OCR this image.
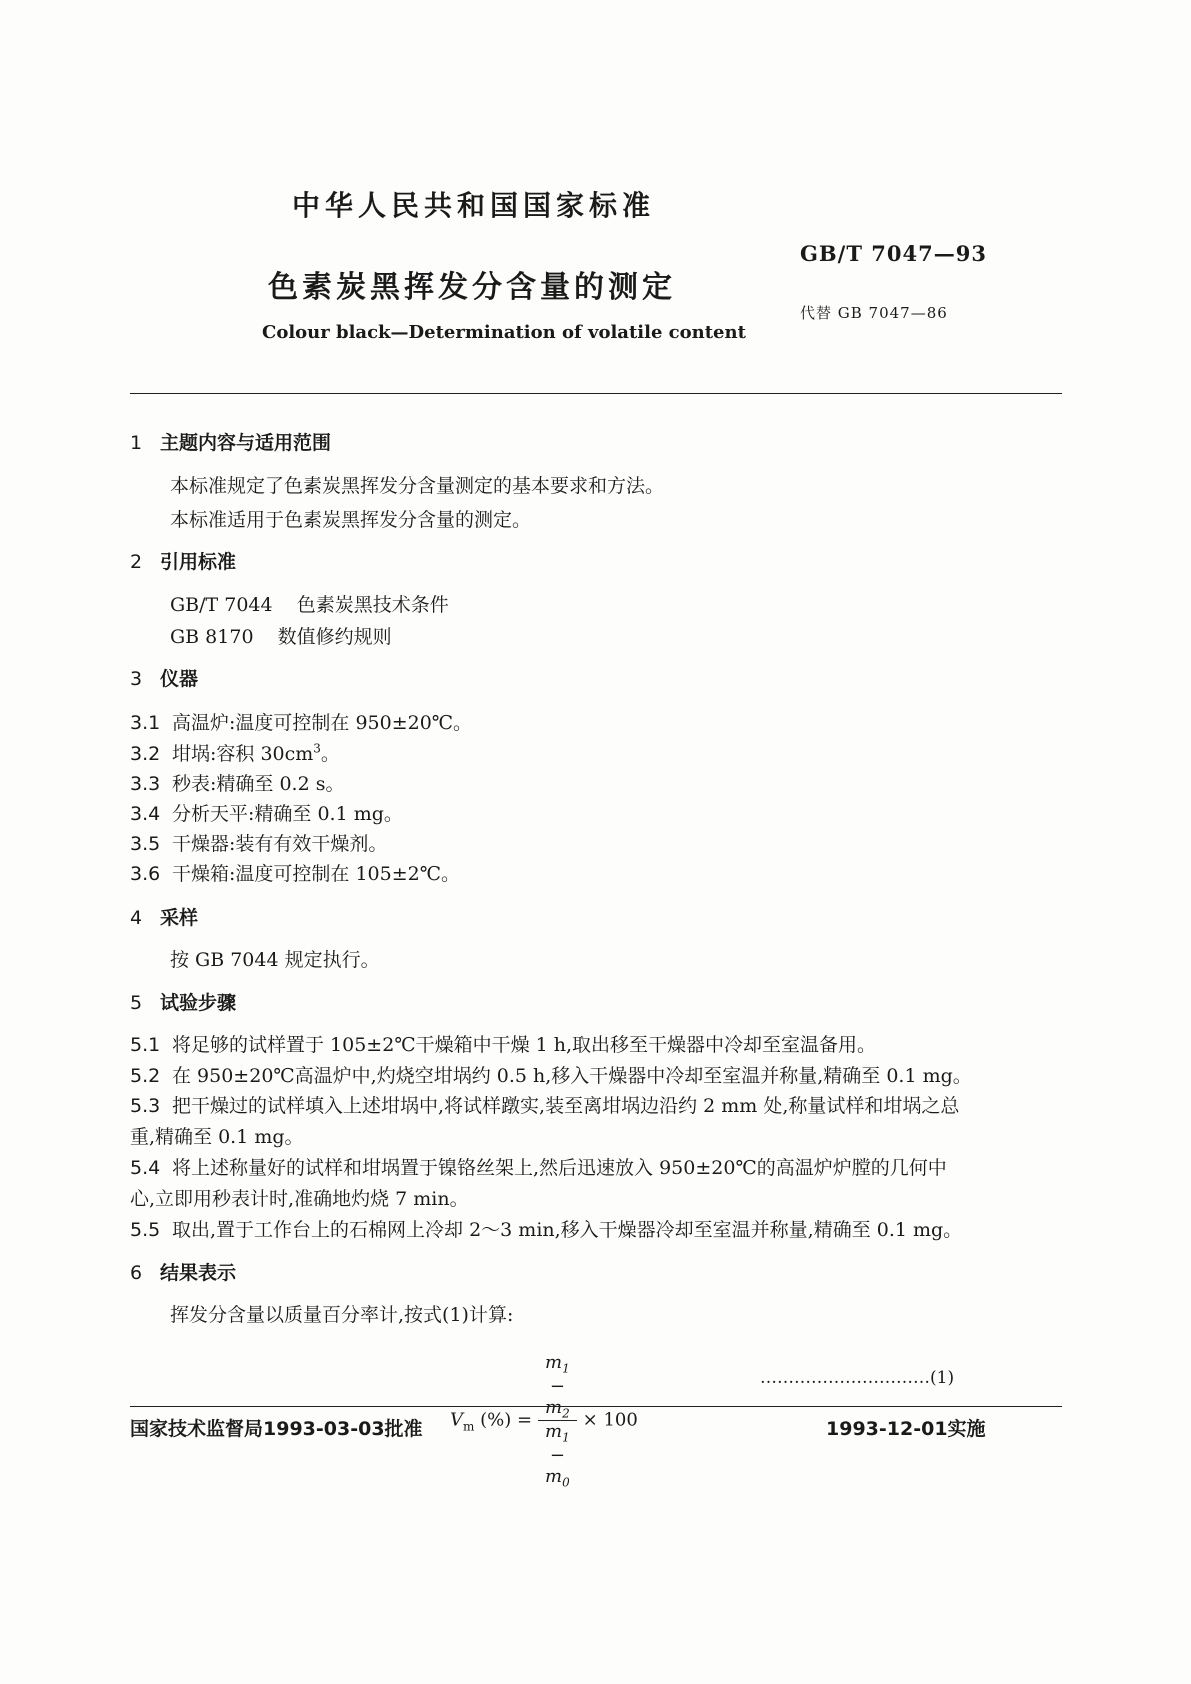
中华人民共和国国家标准
色素炭黑挥发分含量的测定
Colour black—Determination of volatile content
GB/T 7047—93
代替 GB 7047—86
1 主题内容与适用范围
本标准规定了色素炭黑挥发分含量测定的基本要求和方法。
本标准适用于色素炭黑挥发分含量的测定。
2 引用标准
GB/T 7044 色素炭黑技术条件
GB 8170 数值修约规则
3 仪器
3.1 高温炉:温度可控制在 950±20℃。
3.2 坩埚:容积 $30cm^3$。
3.3 秒表:精确至 0.2 s。
3.4 分析天平:精确至 0.1 mg。
3.5 干燥器:装有有效干燥剂。
3.6 干燥箱:温度可控制在 105±2℃。
4 采样
按 GB 7044 规定执行。
5 试验步骤
5.1 将足够的试样置于 105±2℃干燥箱中干燥 1 h,取出移至干燥器中冷却至室温备用。
5.2 在 950±20℃高温炉中,灼烧空坩埚约 0.5 h,移入干燥器中冷却至室温并称量,精确至 0.1 mg。
5.3 把干燥过的试样填入上述坩埚中,将试样蹾实,装至离坩埚边沿约 2 mm 处,称量试样和坩埚之总
重,精确至 0.1 mg。
5.4 将上述称量好的试样和坩埚置于镍铬丝架上,然后迅速放入 950±20℃的高温炉炉膛的几何中
心,立即用秒表计时,准确地灼烧 7 min。
5.5 取出,置于工作台上的石棉网上冷却 2～3 min,移入干燥器冷却至室温并称量,精确至 0.1 mg。
6 结果表示
挥发分含量以质量百分率计,按式(1)计算:
$V_m$ (%) = $m_1$
−
$m_2$
$m_1$
−
$m_0 \times 100$
…………………………(1)
国家技术监督局1993-03-03批准	1993-12-01实施
